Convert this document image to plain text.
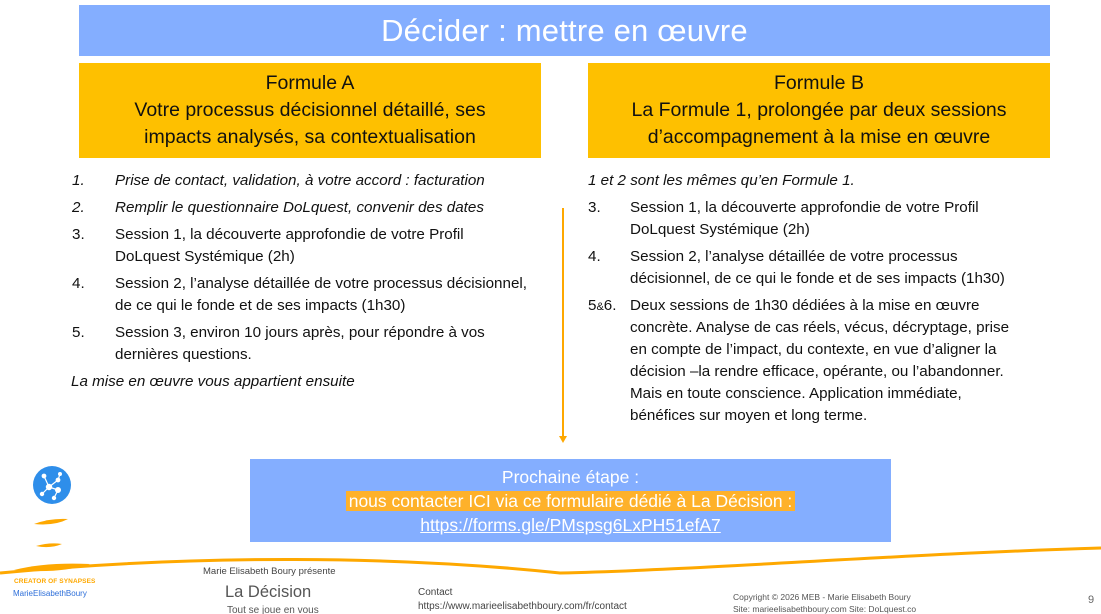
Décider : mettre en œuvre
Formule A
Votre processus décisionnel détaillé, ses
impacts analysés, sa contextualisation
Formule B
La Formule 1, prolongée par deux sessions
d’accompagnement à la mise en œuvre
1.	Prise de contact, validation, à votre accord : facturation
2.	Remplir le questionnaire DoLquest, convenir des dates
3.	Session 1, la découverte approfondie de votre Profil DoLquest Systémique (2h)
4.	Session 2, l’analyse détaillée de votre processus décisionnel, de ce qui le fonde et de ses impacts (1h30)
5.	Session 3, environ 10 jours après, pour répondre à vos dernières questions.
La mise en œuvre vous appartient ensuite
1 et 2 sont les mêmes qu’en Formule 1.
3.	Session 1, la découverte approfondie de votre Profil DoLquest Systémique (2h)
4.	Session 2, l’analyse détaillée de votre processus décisionnel, de ce qui le fonde et de ses impacts (1h30)
5&6. Deux sessions de 1h30 dédiées à la mise en œuvre concrète. Analyse de cas réels, vécus, décryptage, prise en compte de l’impact, du contexte, en vue d’aligner la décision –la rendre efficace, opérante, ou l’abandonner. Mais en toute conscience. Application immédiate, bénéfices sur moyen et long terme.
Prochaine étape :
nous contacter ICI via ce formulaire dédié à La Décision :
https://forms.gle/PMspsg6LxPH51efA7
CREATOR OF SYNAPSES
MarieElisabethBoury
Marie Elisabeth Boury présente
La Décision
Tout se joue en vous
Contact
https://www.marieelisabethboury.com/fr/contact
Copyright © 2026 MEB - Marie Elisabeth Boury
Site: marieelisabethboury.com Site: DoLquest.co
9
